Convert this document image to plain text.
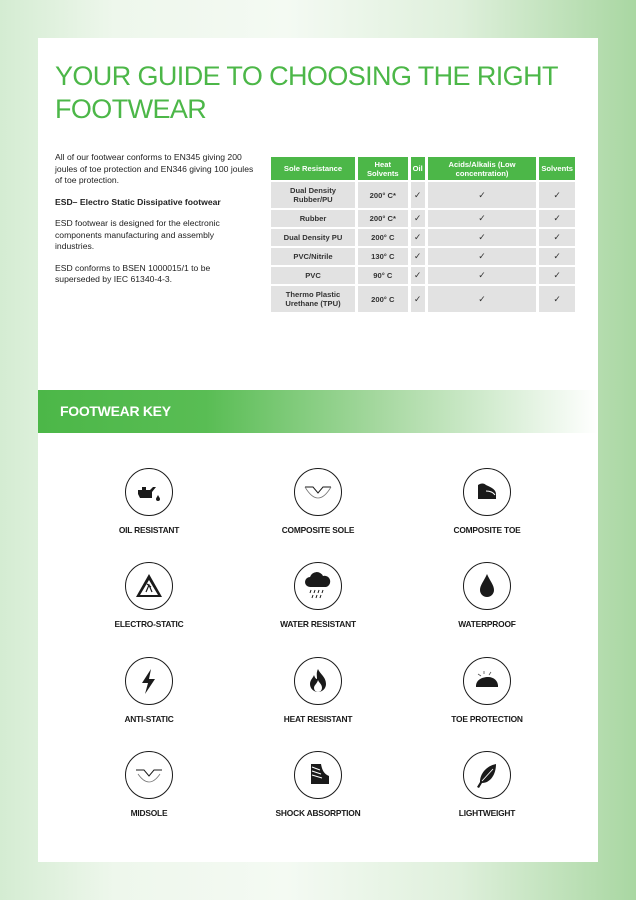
YOUR GUIDE TO CHOOSING THE RIGHT
FOOTWEAR

All of our footwear conforms to EN345 giving 200 joules of toe protection and EN346 giving 100 joules of toe protection.

ESD– Electro Static Dissipative footwear

ESD footwear is designed for the electronic components manufacturing and assembly industries.

ESD conforms to BSEN 1000015/1 to be superseded by IEC 61340-4-3.

Sole Resistance	Heat Solvents	Oil	Acids/Alkalis (Low concentration)	Solvents
Dual Density Rubber/PU	200° C*	✓	✓	✓
Rubber	200° C*	✓	✓	✓
Dual Density PU	200° C	✓	✓	✓
PVC/Nitrile	130° C	✓	✓	✓
PVC	90° C	✓	✓	✓
Thermo Plastic Urethane (TPU)	200° C	✓	✓	✓
FOOTWEAR KEY
OIL RESISTANT	COMPOSITE SOLE	COMPOSITE TOE
ELECTRO-STATIC	WATER RESISTANT	WATERPROOF
ANTI-STATIC	HEAT RESISTANT	TOE PROTECTION
MIDSOLE	SHOCK ABSORPTION	LIGHTWEIGHT
